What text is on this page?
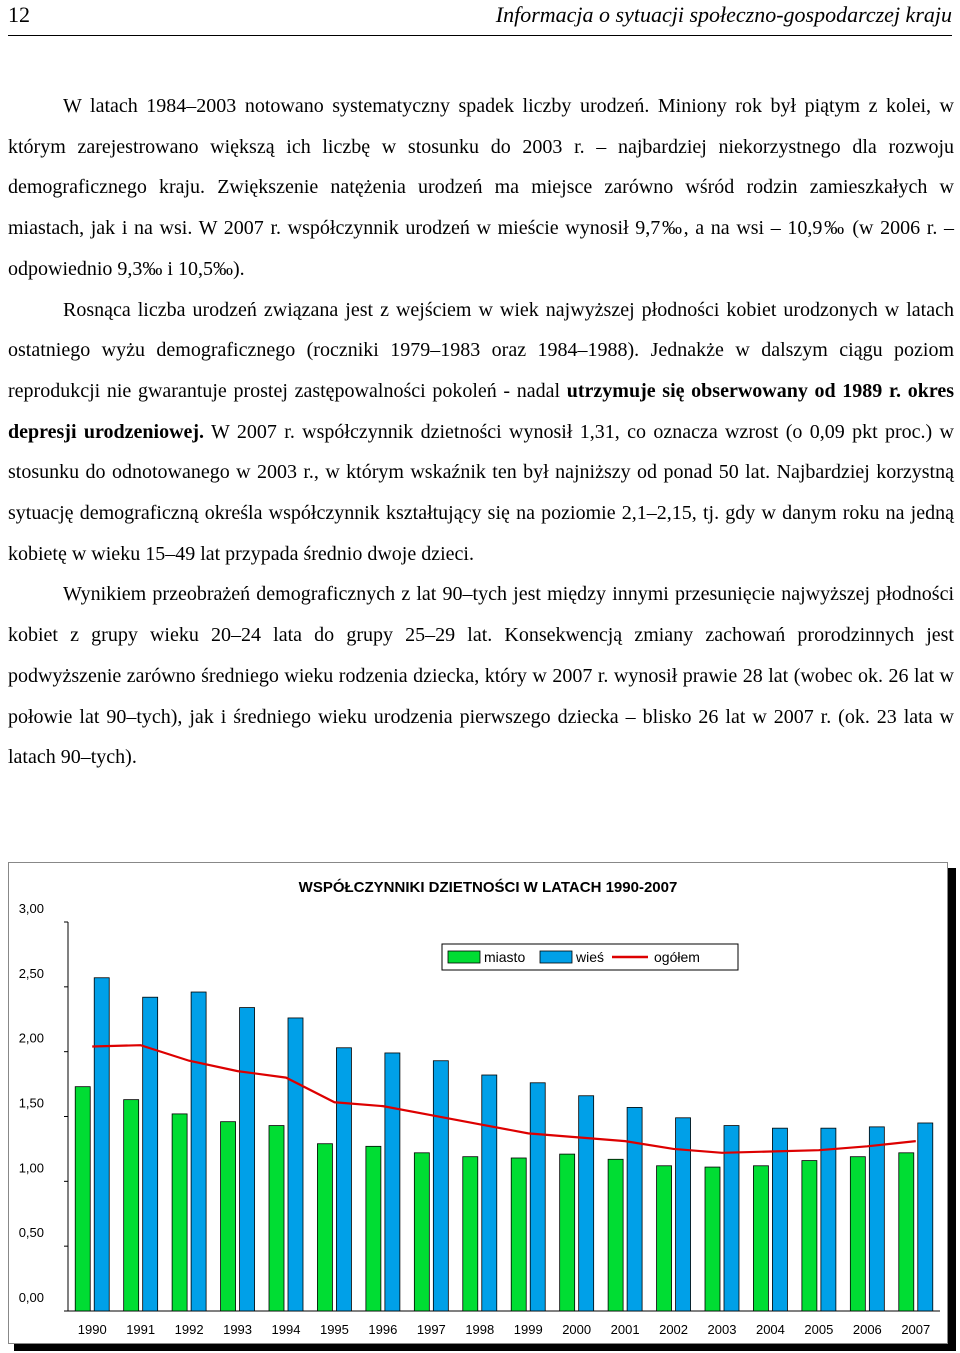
12	Informacja o sytuacji społeczno-gospodarczej kraju

W latach 1984–2003 notowano systematyczny spadek liczby urodzeń. Miniony rok był piątym z kolei, w którym zarejestrowano większą ich liczbę w stosunku do 2003 r. – najbardziej niekorzystnego dla rozwoju demograficznego kraju. Zwiększenie natężenia urodzeń ma miejsce zarówno wśród rodzin zamieszkałych w miastach, jak i na wsi. W 2007 r. współczynnik urodzeń w mieście wynosił 9,7‰, a na wsi – 10,9‰ (w 2006 r. – odpowiednio 9,3‰ i 10,5‰).

Rosnąca liczba urodzeń związana jest z wejściem w wiek najwyższej płodności kobiet urodzonych w latach ostatniego wyżu demograficznego (roczniki 1979–1983 oraz 1984–1988). Jednakże w dalszym ciągu poziom reprodukcji nie gwarantuje prostej zastępowalności pokoleń - nadal utrzymuje się obserwowany od 1989 r. okres depresji urodzeniowej. W 2007 r. współczynnik dzietności wynosił 1,31, co oznacza wzrost (o 0,09 pkt proc.) w stosunku do odnotowanego w 2003 r., w którym wskaźnik ten był najniższy od ponad 50 lat. Najbardziej korzystną sytuację demograficzną określa współczynnik kształtujący się na poziomie 2,1–2,15, tj. gdy w danym roku na jedną kobietę w wieku 15–49 lat przypada średnio dwoje dzieci.

Wynikiem przeobrażeń demograficznych z lat 90–tych jest między innymi przesunięcie najwyższej płodności kobiet z grupy wieku 20–24 lata do grupy 25–29 lat. Konsekwencją zmiany zachowań prorodzinnych jest podwyższenie zarówno średniego wieku rodzenia dziecka, który w 2007 r. wynosił prawie 28 lat (wobec ok. 26 lat w połowie lat 90–tych), jak i średniego wieku urodzenia pierwszego dziecka – blisko 26 lat w 2007 r. (ok. 23 lata w latach 90–tych).

0,00
0,50
1,00
1,50
2,00
2,50
3,00
1990 1991 1992 1993 1994 1995 1996 1997 1998 1999 2000 2001 2002 2003 2004 2005 2006 2007
WSPÓŁCZYNNIKI DZIETNOŚCI W LATACH 1990-2007
miasto	wieś	ogółem
